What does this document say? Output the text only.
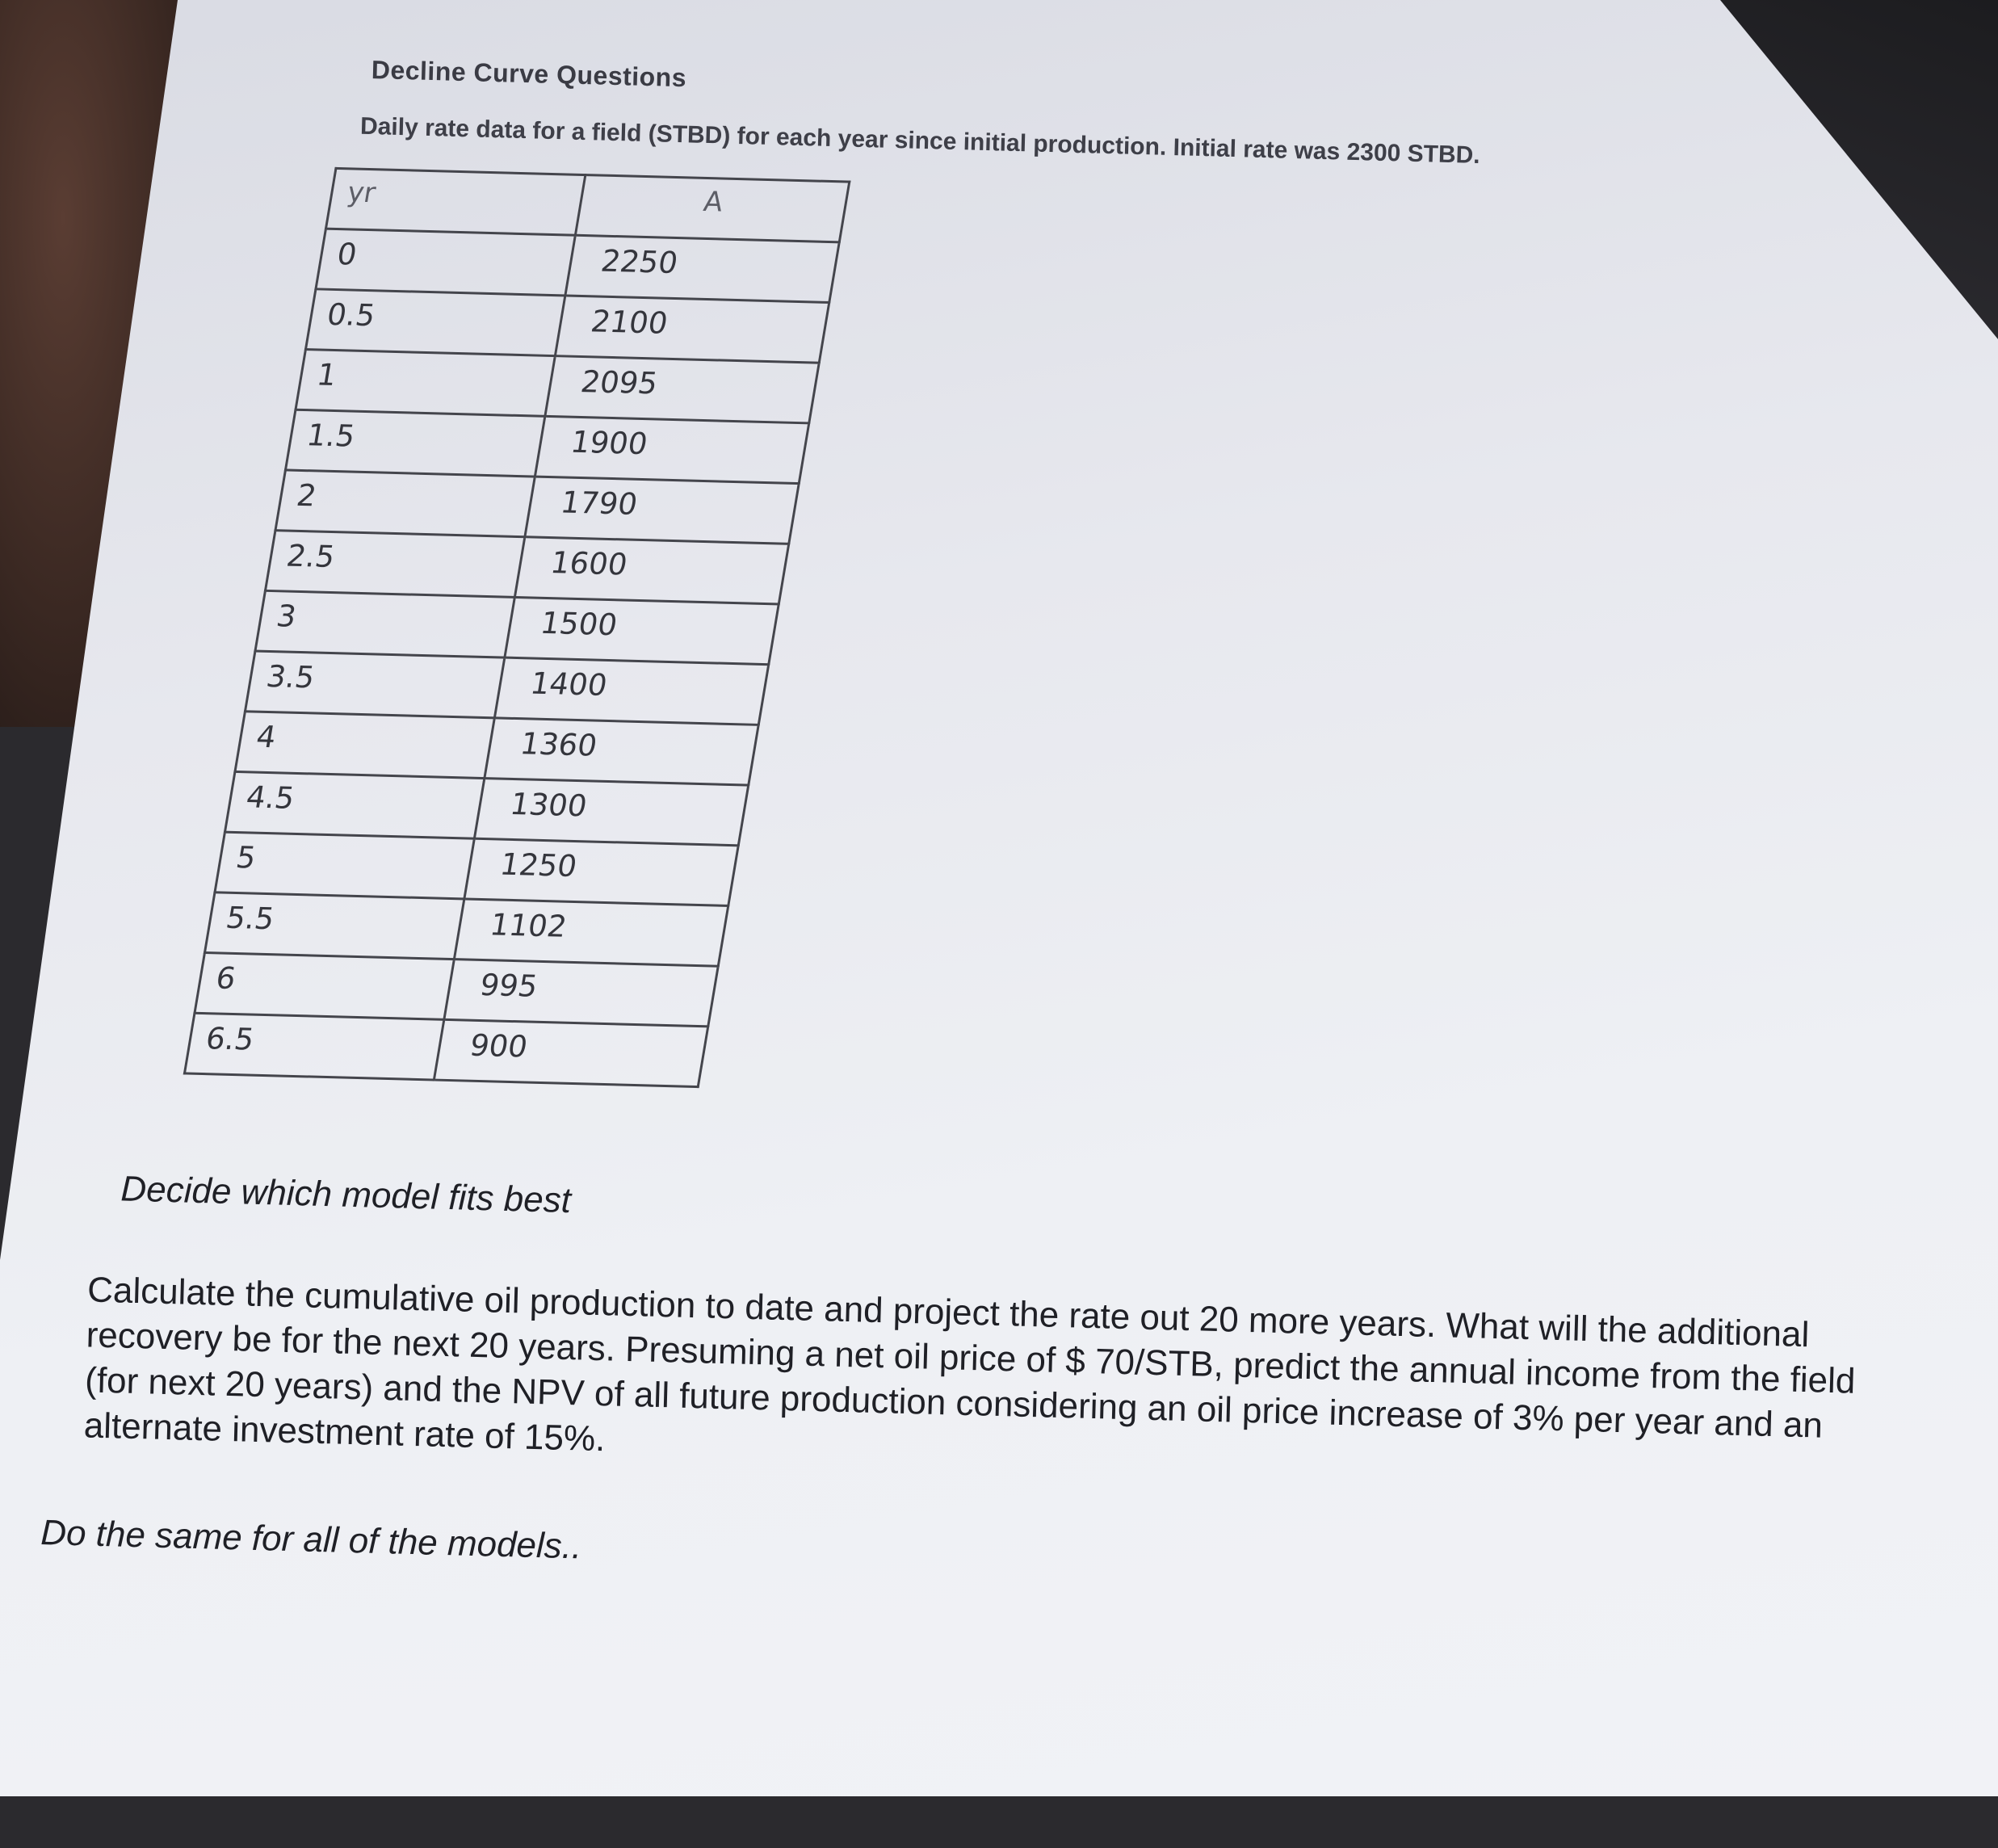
Decline Curve Questions
Daily rate data for a field (STBD) for each year since initial production. Initial rate was 2300 STBD.
yr	A
0	2250
0.5	2100
1	2095
1.5	1900
2	1790
2.5	1600
3	1500
3.5	1400
4	1360
4.5	1300
5	1250
5.5	1102
6	995
6.5	900
Decide which model fits best
Calculate the cumulative oil production to date and project the rate out 20 more years. What will the additional recovery be for the next 20 years. Presuming a net oil price of $ 70/STB, predict the annual income from the field (for next 20 years) and the NPV of all future production considering an oil price increase of 3% per year and an alternate investment rate of 15%.
Do the same for all of the models..
